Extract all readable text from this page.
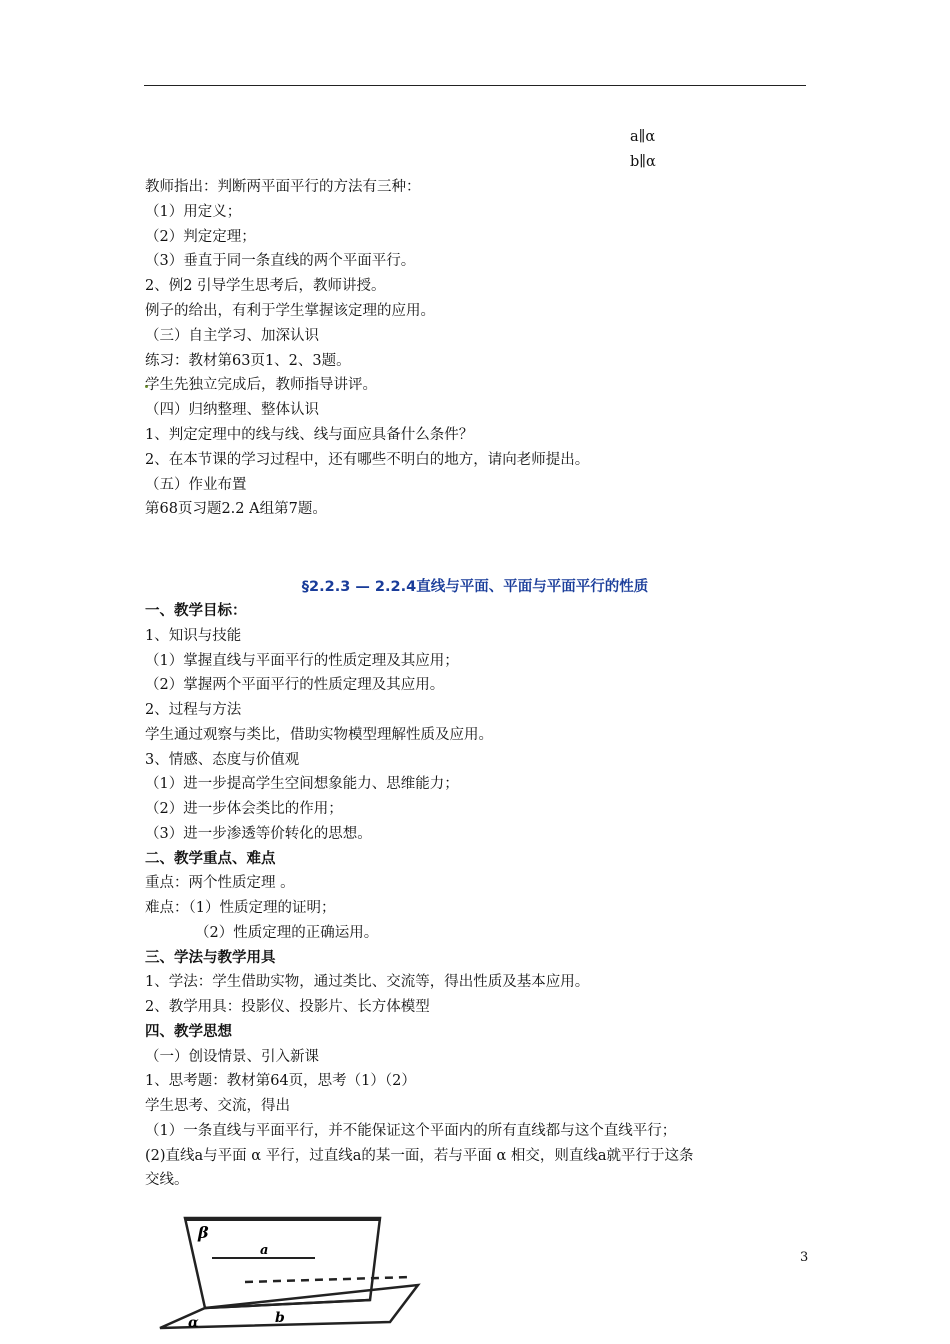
a∥α
b∥α
教师指出：判断两平面平行的方法有三种：
（1）用定义；
（2）判定定理；
（3）垂直于同一条直线的两个平面平行。
2、例2 引导学生思考后，教师讲授。
例子的给出，有利于学生掌握该定理的应用。
（三）自主学习、加深认识
练习：教材第63页1、2、3题。
学生先独立完成后，教师指导讲评。
（四）归纳整理、整体认识
1、判定定理中的线与线、线与面应具备什么条件？
2、在本节课的学习过程中，还有哪些不明白的地方，请向老师提出。
（五）作业布置
第68页习题2.2 A组第7题。
§2.2.3 — 2.2.4直线与平面、平面与平面平行的性质
一、教学目标：
1、知识与技能
（1）掌握直线与平面平行的性质定理及其应用；
（2）掌握两个平面平行的性质定理及其应用。
2、过程与方法
学生通过观察与类比，借助实物模型理解性质及应用。
3、情感、态度与价值观
（1）进一步提高学生空间想象能力、思维能力；
（2）进一步体会类比的作用；
（3）进一步渗透等价转化的思想。
二、教学重点、难点
重点：两个性质定理 。
难点：（1）性质定理的证明；
（2）性质定理的正确运用。
三、学法与教学用具
1、学法：学生借助实物，通过类比、交流等，得出性质及基本应用。
2、教学用具：投影仪、投影片、长方体模型
四、教学思想
（一）创设情景、引入新课
1、思考题：教材第64页，思考（1）（2）
学生思考、交流，得出
（1）一条直线与平面平行，并不能保证这个平面内的所有直线都与这个直线平行；
(2)直线a与平面 α 平行，过直线a的某一面，若与平面 α 相交，则直线a就平行于这条
交线。
β
a
b
α
3
